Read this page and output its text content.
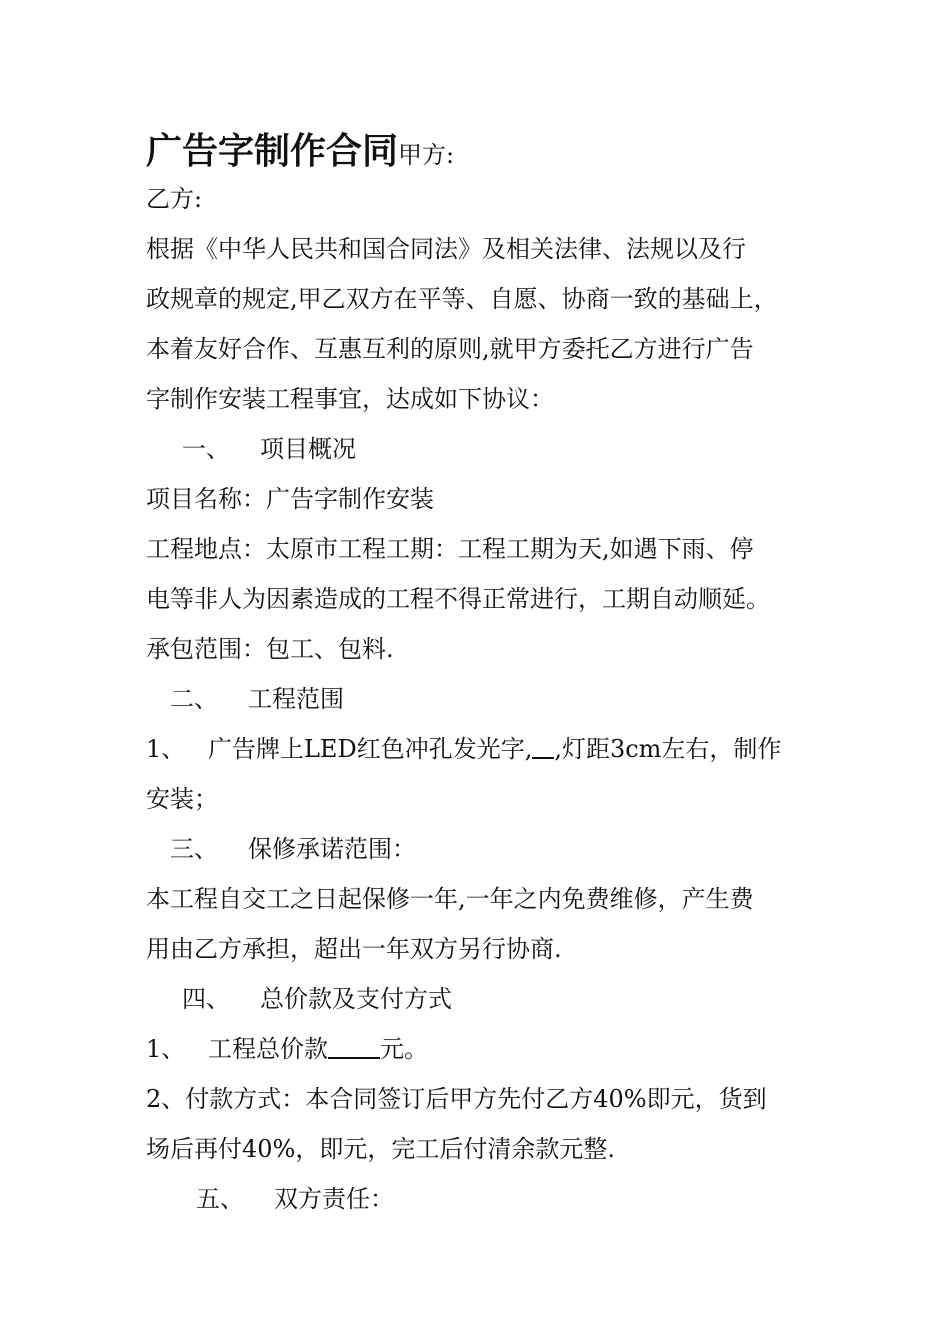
广告字制作合同甲方:
乙方:
根据《中华人民共和国合同法》及相关法律、法规以及行
政规章的规定,甲乙双方在平等、自愿、协商一致的基础上，
本着友好合作、互惠互利的原则,就甲方委托乙方进行广告
字制作安装工程事宜，达成如下协议：
一、 项目概况
项目名称：广告字制作安装
工程地点：太原市工程工期：工程工期为天,如遇下雨、停
电等非人为因素造成的工程不得正常进行，工期自动顺延。
承包范围：包工、包料.
二、 工程范围
1、 广告牌上LED红色冲孔发光字, ,灯距3cm左右，制作
安装；
三、 保修承诺范围：
本工程自交工之日起保修一年,一年之内免费维修，产生费
用由乙方承担，超出一年双方另行协商.
四、 总价款及支付方式
1、 工程总价款 元。
2、付款方式：本合同签订后甲方先付乙方40%即元，货到
场后再付40%，即元，完工后付清余款元整.
五、 双方责任：
